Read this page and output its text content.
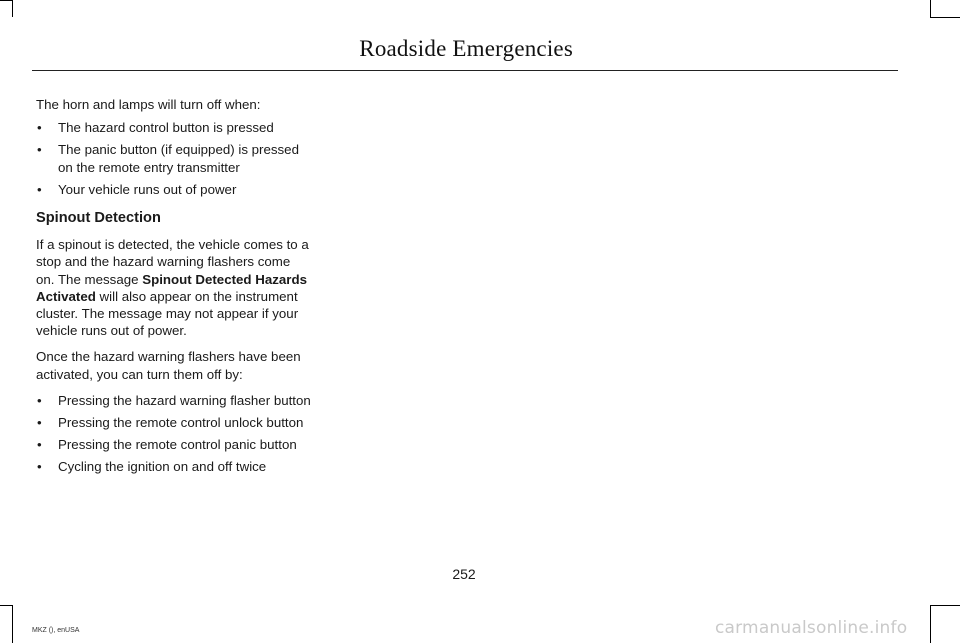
Roadside Emergencies

The horn and lamps will turn off when:

• The hazard control button is pressed
• The panic button (if equipped) is pressed on the remote entry transmitter
• Your vehicle runs out of power
Spinout Detection

If a spinout is detected, the vehicle comes to a stop and the hazard warning flashers come on. The message Spinout Detected Hazards Activated will also appear on the instrument cluster. The message may not appear if your vehicle runs out of power.

Once the hazard warning flashers have been activated, you can turn them off by:

• Pressing the hazard warning flasher button
• Pressing the remote control unlock button
• Pressing the remote control panic button
• Cycling the ignition on and off twice
252
MKZ (), enUSA	carmanualsonline.info
